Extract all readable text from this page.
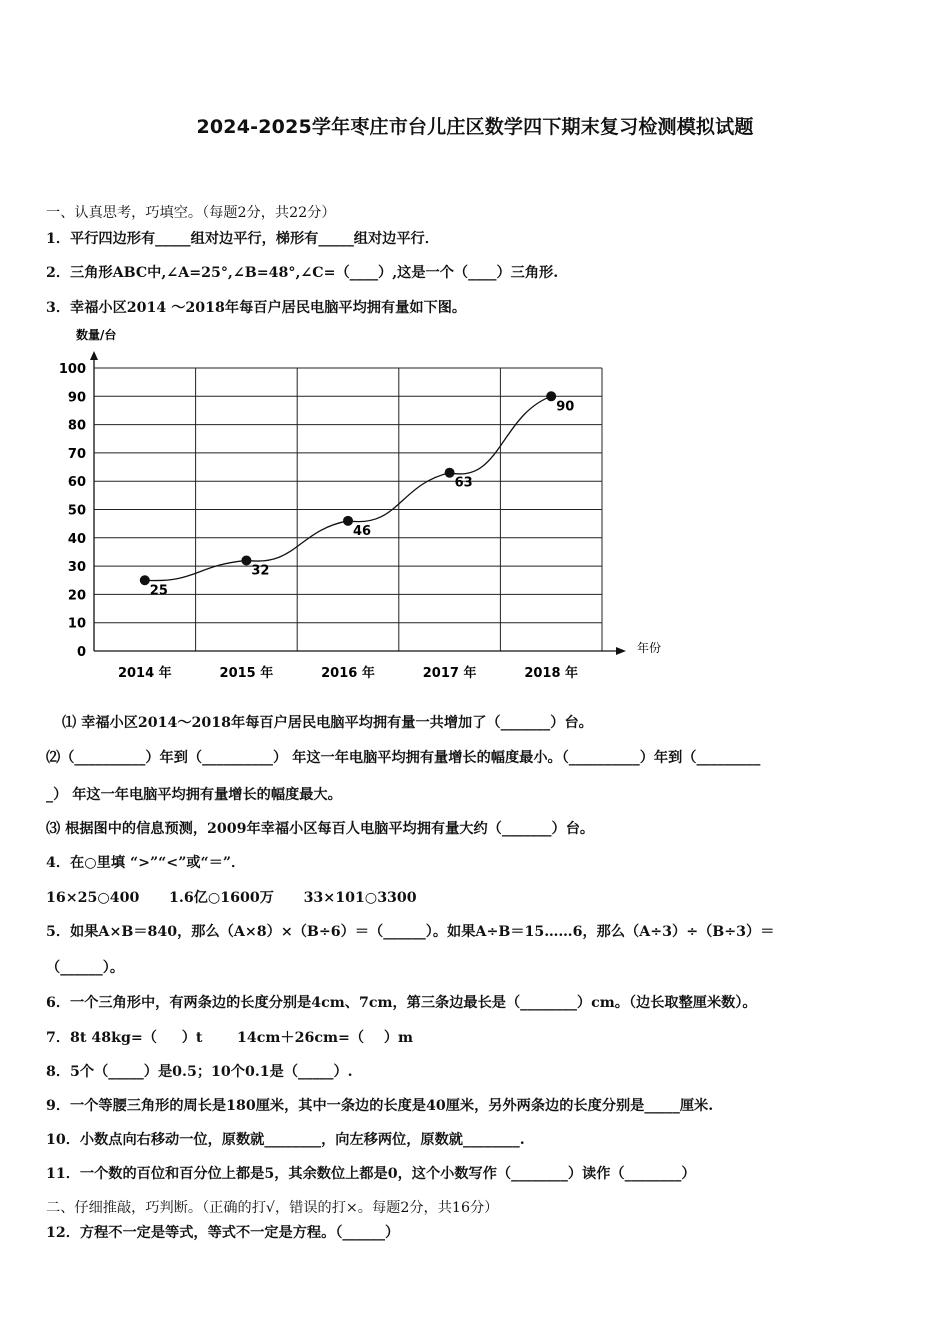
2024-2025学年枣庄市台儿庄区数学四下期末复习检测模拟试题
一、认真思考，巧填空。（每题2分，共22分）
1．平行四边形有_____组对边平行，梯形有_____组对边平行．
2．三角形ABC中,∠A=25°,∠B=48°,∠C=（____）,这是一个（____）三角形.
3．幸福小区2014 ～2018年每百户居民电脑平均拥有量如下图。
数量/台
年份
0
10
20
30
40
50
60
70
80
90
100
2014 年	2015 年	2016 年	2017 年	2018 年
25
32
46
63
90
⑴ 幸福小区2014～2018年每百户居民电脑平均拥有量一共增加了（_______）台。
⑵（__________）年到（__________） 年这一年电脑平均拥有量增长的幅度最小。（__________）年到（_________
_） 年这一年电脑平均拥有量增长的幅度最大。
⑶ 根据图中的信息预测，2009年幸福小区每百人电脑平均拥有量大约（_______）台。
4．在○里填 “>”“<”或“＝”．
16×25○400      1.6亿○1600万      33×101○3300
5．如果A×B＝840，那么（A×8）×（B÷6）＝（______）。如果A÷B＝15……6，那么（A÷3）÷（B÷3）＝
（______）。
6．一个三角形中，有两条边的长度分别是4cm、7cm，第三条边最长是（________）cm。（边长取整厘米数）。
7．8t 48kg=（     ）t       14cm＋26cm=（    ）m
8．5个（_____）是0.5；10个0.1是（_____）.
9．一个等腰三角形的周长是180厘米，其中一条边的长度是40厘米，另外两条边的长度分别是_____厘米.
10．小数点向右移动一位，原数就________，向左移两位，原数就________.
11．一个数的百位和百分位上都是5，其余数位上都是0，这个小数写作（________）读作（________）
二、仔细推敲，巧判断。（正确的打√，错误的打×。每题2分，共16分）
12．方程不一定是等式，等式不一定是方程。（______）
